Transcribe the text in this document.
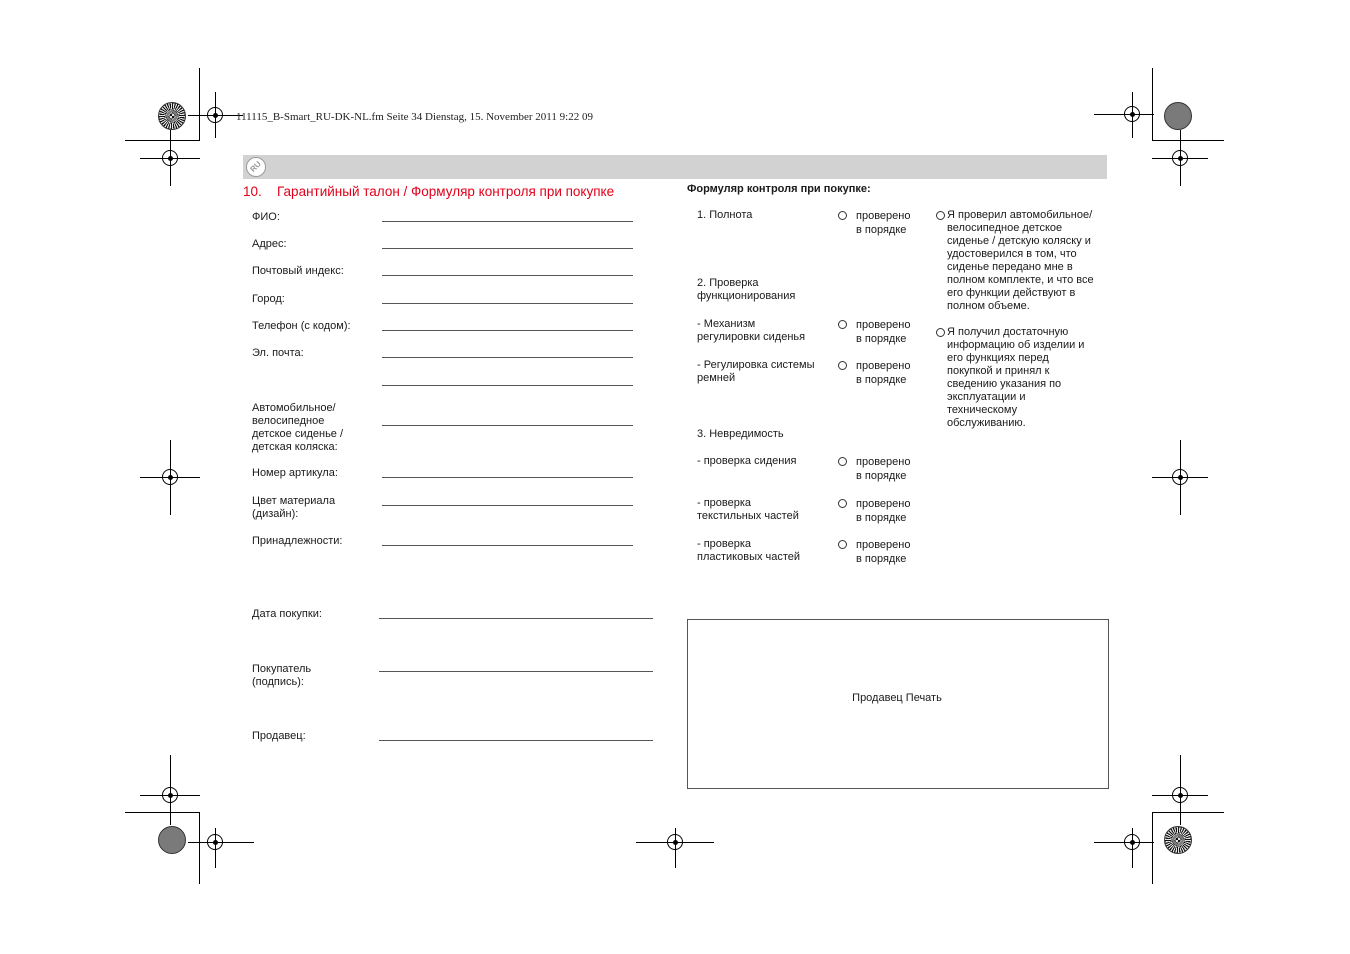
111115_B-Smart_RU-DK-NL.fm Seite 34 Dienstag, 15. November 2011 9:22 09
RU
10. Гарантийный талон / Формуляр контроля при покупке
ФИО:
Адрес:
Почтовый индекс:
Город:
Телефон (с кодом):
Эл. почта:
Автомобильное/
велосипедное
детское сиденье /
детская коляска:
Номер артикула:
Цвет материала
(дизайн):
Принадлежности:
Дата покупки:
Покупатель
(подпись):
Продавец:
Формуляр контроля при покупке:
1. Полнота	проверено
в порядке
2. Проверка
функционирования
- Механизм
регулировки сиденья
проверено
в порядке
- Регулировка системы
ремней
проверено
в порядке
3. Невредимость
- проверка сидения	проверено
в порядке
- проверка
текстильных частей
проверено
в порядке
- проверка
пластиковых частей
проверено
в порядке
Я проверил автомобильное/
велосипедное детское
сиденье / детскую коляску и
удостоверился в том, что
сиденье передано мне в
полном комплекте, и что все
его функции действуют в
полном объеме.
Я получил достаточную
информацию об изделии и
его функциях перед
покупкой и принял к
сведению указания по
эксплуатации и
техническому
обслуживанию.
Продавец Печать
